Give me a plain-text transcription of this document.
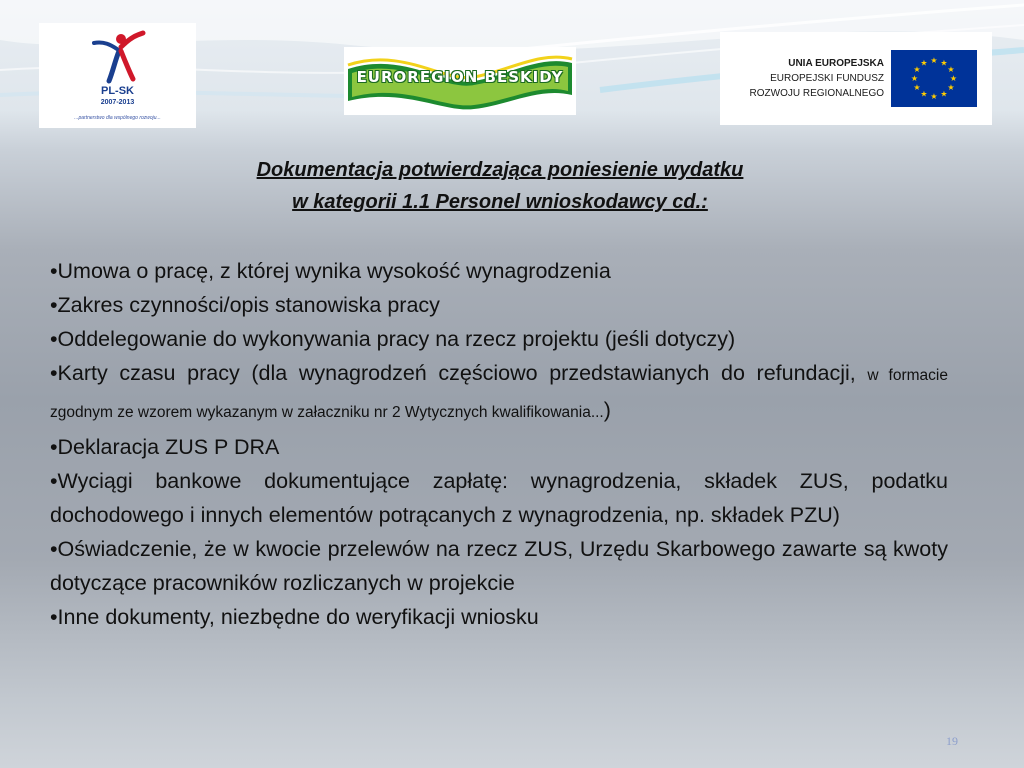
PL-SK
2007-2013
...partnerstwo dla wspólnego rozwoju...
EUROREGION BESKIDY
UNIA EUROPEJSKA
EUROPEJSKI FUNDUSZ
ROZWOJU REGIONALNEGO
★ ★
★
★
★
★
★
★
★
★
★
★
Dokumentacja potwierdzająca poniesienie wydatku
w kategorii 1.1 Personel wnioskodawcy cd.:

•Umowa o pracę, z której wynika wysokość wynagrodzenia

•Zakres czynności/opis stanowiska pracy

•Oddelegowanie do wykonywania pracy na rzecz projektu (jeśli dotyczy)

•Karty czasu pracy (dla wynagrodzeń częściowo przedstawianych do refundacji, w formacie zgodnym ze wzorem wykazanym w załaczniku nr 2 Wytycznych kwalifikowania...)

•Deklaracja ZUS P DRA

•Wyciągi bankowe dokumentujące zapłatę: wynagrodzenia, składek ZUS, podatku dochodowego i innych elementów potrącanych z wynagrodzenia, np. składek PZU)

•Oświadczenie, że w kwocie przelewów na rzecz ZUS, Urzędu Skarbowego zawarte są kwoty dotyczące pracowników rozliczanych w projekcie

•Inne dokumenty, niezbędne do weryfikacji wniosku

19
